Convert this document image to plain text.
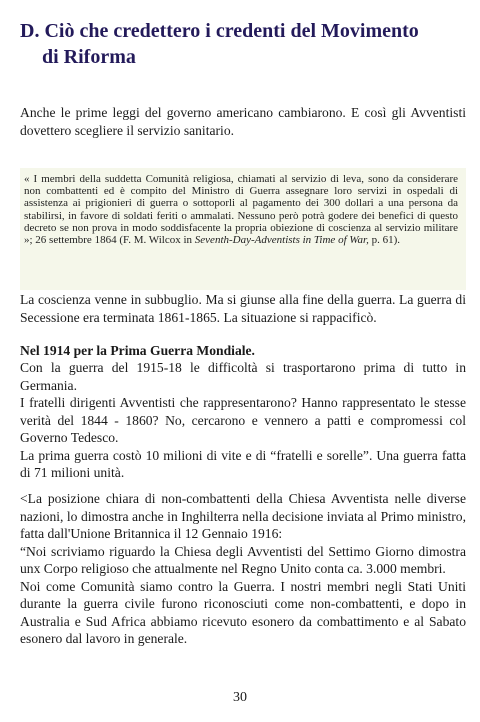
D. Ciò che credettero i credenti del Movimento
di Riforma
Anche le prime leggi del governo americano cambiarono. E così gli Avventisti dovettero scegliere il servizio sanitario.
« I membri della suddetta Comunità religiosa, chiamati al servizio di leva, sono da considerare non combattenti ed è compito del Ministro di Guerra assegnare loro servizi in ospedali di assistenza ai prigionieri di guerra o sottoporli al pagamento dei 300 dollari a una persona da stabilirsi, in favore di soldati feriti o ammalati. Nessuno però potrà godere dei benefici di questo decreto se non prova in modo soddisfacente la propria obiezione di coscienza al servizio militare »; 26 settembre 1864 (F. M. Wilcox in Seventh-Day-Adventists in Time of War, p. 61).
La coscienza venne in subbuglio. Ma si giunse alla fine della guerra. La guerra di Secessione era terminata 1861-1865. La situazione si rappacificò.
Nel 1914 per la Prima Guerra Mondiale.
Con la guerra del 1915-18 le difficoltà si trasportarono prima di tutto in Germania.
I fratelli dirigenti Avventisti che rappresentarono? Hanno rappresentato le stesse verità del 1844 - 1860? No, cercarono e vennero a patti e compromessi col Governo Tedesco.
La prima guerra costò 10 milioni di vite e di “fratelli e sorelle”. Una guerra fatta di 71 milioni unità.
<La posizione chiara di non-combattenti della Chiesa Avventista nelle diverse nazioni, lo dimostra anche in Inghilterra nella decisione inviata al Primo ministro, fatta dall'Unione Britannica il 12 Gennaio 1916:
“Noi scriviamo riguardo la Chiesa degli Avventisti del Settimo Giorno dimostra unx Corpo religioso che attualmente nel Regno Unito conta ca. 3.000 membri.
Noi come Comunità siamo contro la Guerra. I nostri membri negli Stati Uniti durante la guerra civile furono riconosciuti come non-combattenti, e dopo in Australia e Sud Africa abbiamo ricevuto esonero da combattimento e al Sabato esonero dal lavoro in generale.
30
